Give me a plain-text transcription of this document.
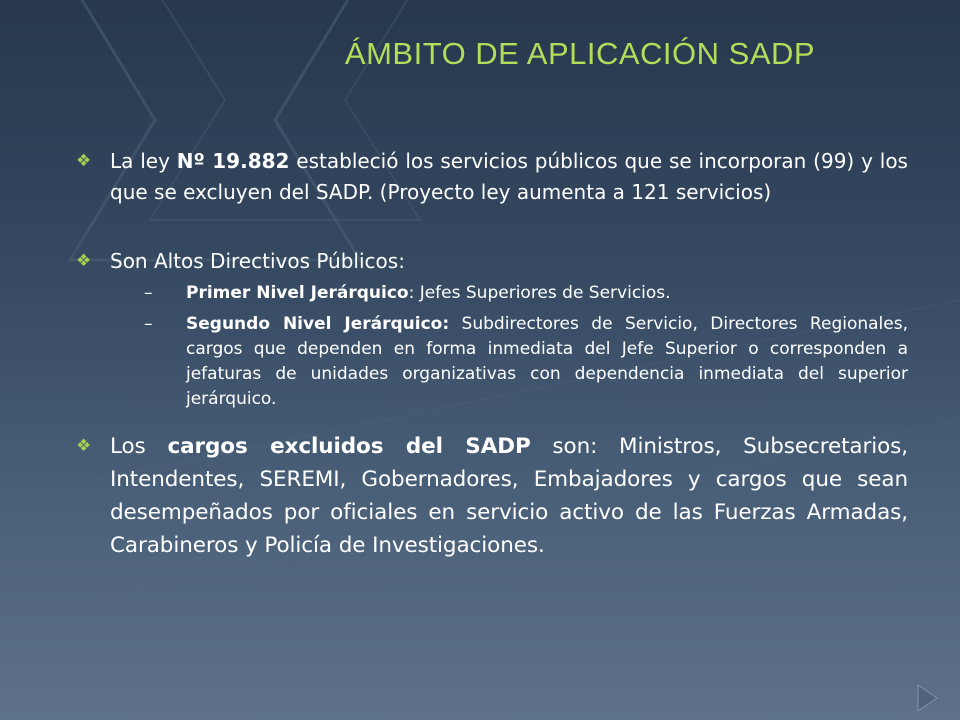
ÁMBITO DE APLICACIÓN SADP
❖ La ley Nº 19.882 estableció los servicios públicos que se incorporan (99) y los que se excluyen del SADP. (Proyecto ley aumenta a 121 servicios)
❖ Son Altos Directivos Públicos:
– Primer Nivel Jerárquico: Jefes Superiores de Servicios.
– Segundo Nivel Jerárquico: Subdirectores de Servicio, Directores Regionales, cargos que dependen en forma inmediata del Jefe Superior o corresponden a jefaturas de unidades organizativas con dependencia inmediata del superior jerárquico.
❖ Los cargos excluidos del SADP son: Ministros, Subsecretarios, Intendentes, SEREMI, Gobernadores, Embajadores y cargos que sean desempeñados por oficiales en servicio activo de las Fuerzas Armadas, Carabineros y Policía de Investigaciones.
